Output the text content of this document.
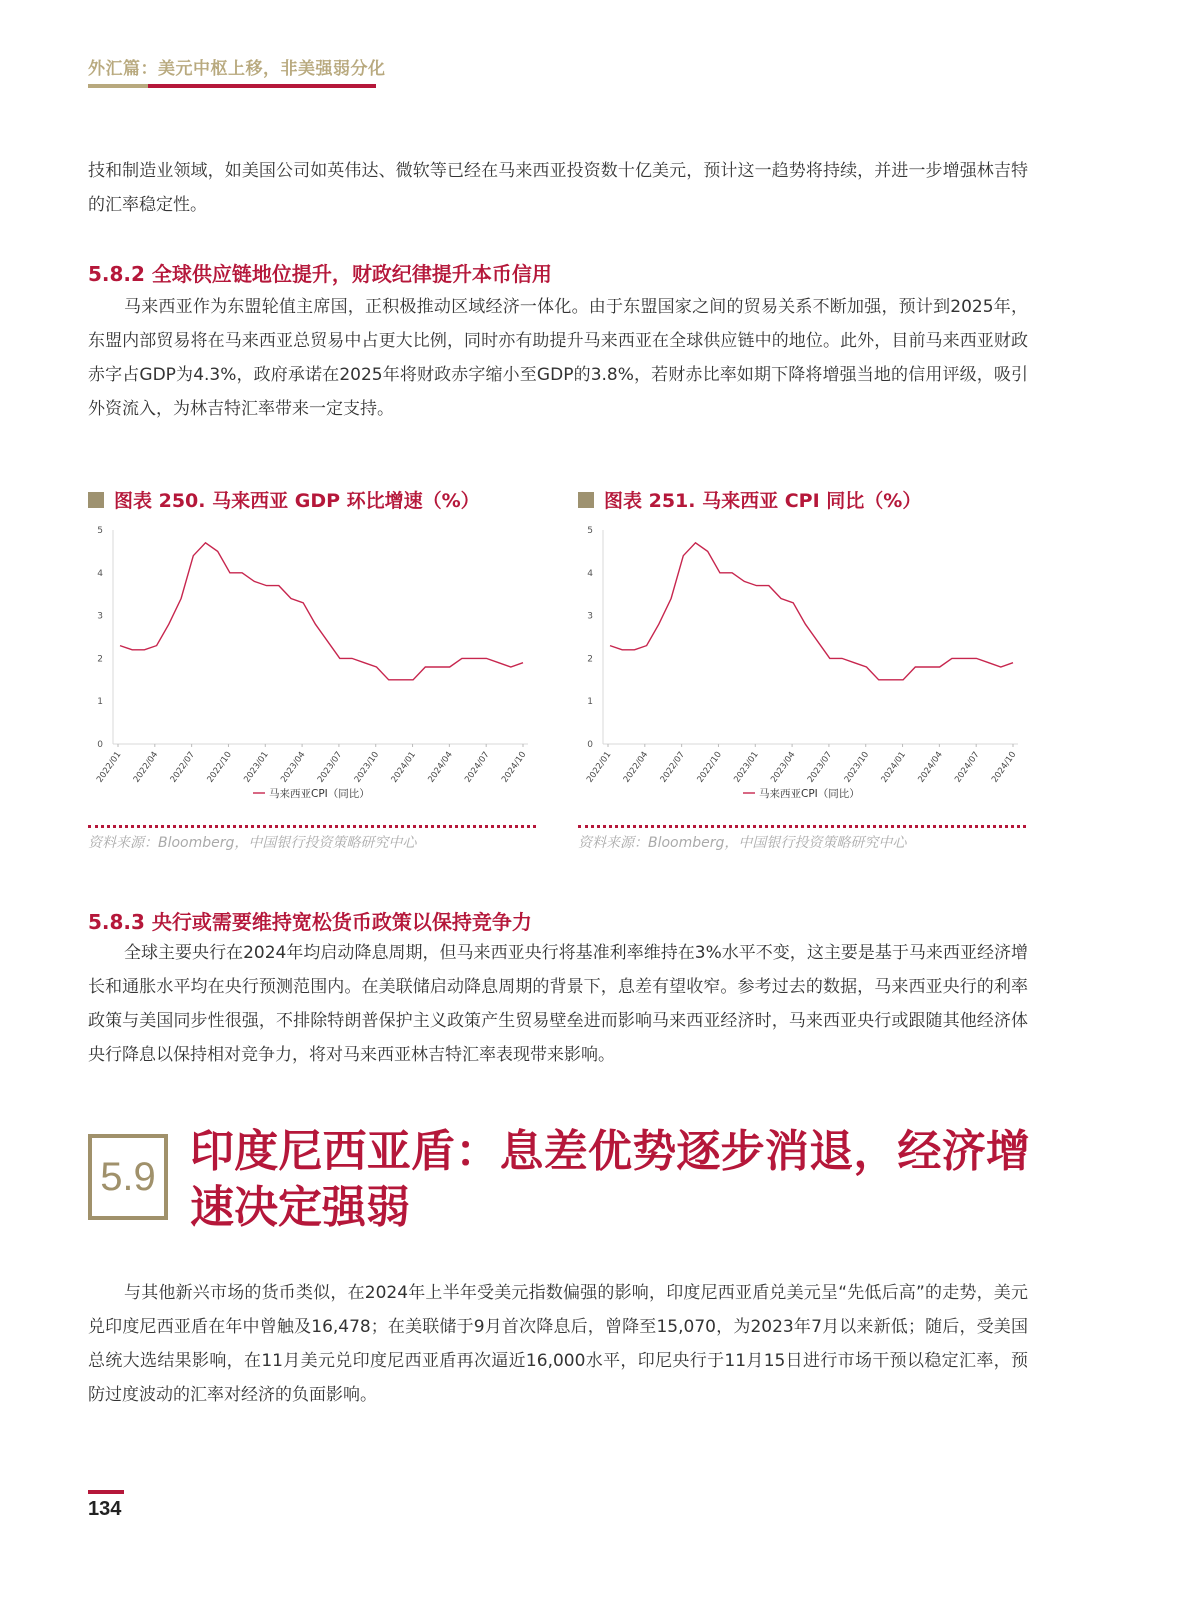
外汇篇：美元中枢上移，非美强弱分化

技和制造业领域，如美国公司如英伟达、微软等已经在马来西亚投资数十亿美元，预计这一趋势将持续，并进一步增强林吉特的汇率稳定性。

5.8.2 全球供应链地位提升，财政纪律提升本币信用

马来西亚作为东盟轮值主席国，正积极推动区域经济一体化。由于东盟国家之间的贸易关系不断加强，预计到2025年，东盟内部贸易将在马来西亚总贸易中占更大比例，同时亦有助提升马来西亚在全球供应链中的地位。此外，目前马来西亚财政赤字占GDP为4.3%，政府承诺在2025年将财政赤字缩小至GDP的3.8%，若财赤比率如期下降将增强当地的信用评级，吸引外资流入，为林吉特汇率带来一定支持。

图表 250. 马来西亚 GDP 环比增速（%）
0
1
2
3
4
5
2022/01 2022/04 2022/07 2022/10 2023/01 2023/04 2023/07 2023/10 2024/01 2024/04 2024/07 2024/10
马来西亚CPI（同比）
资料来源：Bloomberg，中国银行投资策略研究中心
图表 251. 马来西亚 CPI 同比（%）
0
1
2
3
4
5
2022/01 2022/04 2022/07 2022/10 2023/01 2023/04 2023/07 2023/10 2024/01 2024/04 2024/07 2024/10
马来西亚CPI（同比）
资料来源：Bloomberg，中国银行投资策略研究中心
5.8.3 央行或需要维持宽松货币政策以保持竞争力

全球主要央行在2024年均启动降息周期，但马来西亚央行将基准利率维持在3%水平不变，这主要是基于马来西亚经济增长和通胀水平均在央行预测范围内。在美联储启动降息周期的背景下，息差有望收窄。参考过去的数据，马来西亚央行的利率政策与美国同步性很强，不排除特朗普保护主义政策产生贸易壁垒进而影响马来西亚经济时，马来西亚央行或跟随其他经济体央行降息以保持相对竞争力，将对马来西亚林吉特汇率表现带来影响。

5.9 印度尼西亚盾：息差优势逐步消退，经济增速决定强弱

与其他新兴市场的货币类似，在2024年上半年受美元指数偏强的影响，印度尼西亚盾兑美元呈“先低后高”的走势，美元兑印度尼西亚盾在年中曾触及16,478；在美联储于9月首次降息后，曾降至15,070，为2023年7月以来新低；随后，受美国总统大选结果影响，在11月美元兑印度尼西亚盾再次逼近16,000水平，印尼央行于11月15日进行市场干预以稳定汇率，预防过度波动的汇率对经济的负面影响。

134
